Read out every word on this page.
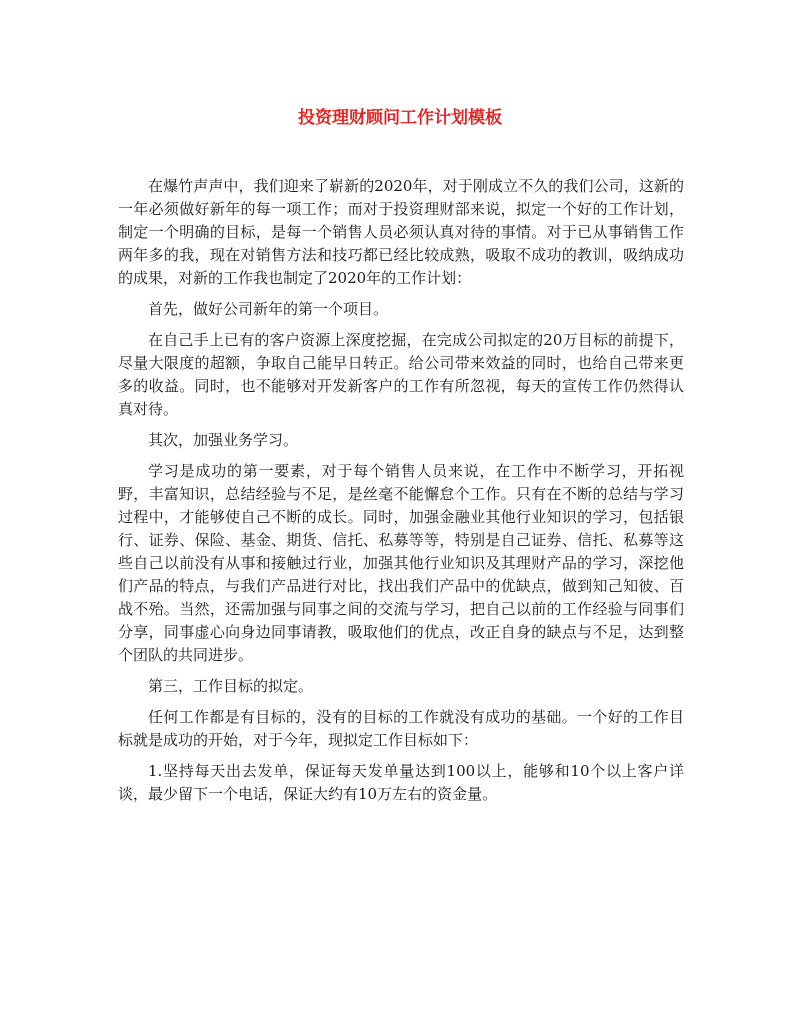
投资理财顾问工作计划模板

在爆竹声声中，我们迎来了崭新的2020年，对于刚成立不久的我们公司，这新的一年必须做好新年的每一项工作；而对于投资理财部来说，拟定一个好的工作计划，制定一个明确的目标，是每一个销售人员必须认真对待的事情。对于已从事销售工作两年多的我，现在对销售方法和技巧都已经比较成熟，吸取不成功的教训，吸纳成功的成果，对新的工作我也制定了2020年的工作计划：

首先，做好公司新年的第一个项目。

在自己手上已有的客户资源上深度挖掘，在完成公司拟定的20万目标的前提下，尽量大限度的超额，争取自己能早日转正。给公司带来效益的同时，也给自己带来更多的收益。同时，也不能够对开发新客户的工作有所忽视，每天的宣传工作仍然得认真对待。

其次，加强业务学习。

学习是成功的第一要素，对于每个销售人员来说，在工作中不断学习，开拓视野，丰富知识，总结经验与不足，是丝毫不能懈怠个工作。只有在不断的总结与学习过程中，才能够使自己不断的成长。同时，加强金融业其他行业知识的学习，包括银行、证券、保险、基金、期货、信托、私募等等，特别是自己证券、信托、私募等这些自己以前没有从事和接触过行业，加强其他行业知识及其理财产品的学习，深挖他们产品的特点，与我们产品进行对比，找出我们产品中的优缺点，做到知己知彼、百战不殆。当然，还需加强与同事之间的交流与学习，把自己以前的工作经验与同事们分享，同事虚心向身边同事请教，吸取他们的优点，改正自身的缺点与不足，达到整个团队的共同进步。

第三，工作目标的拟定。

任何工作都是有目标的，没有的目标的工作就没有成功的基础。一个好的工作目标就是成功的开始，对于今年，现拟定工作目标如下：

1.坚持每天出去发单，保证每天发单量达到100以上，能够和10个以上客户详谈，最少留下一个电话，保证大约有10万左右的资金量。
